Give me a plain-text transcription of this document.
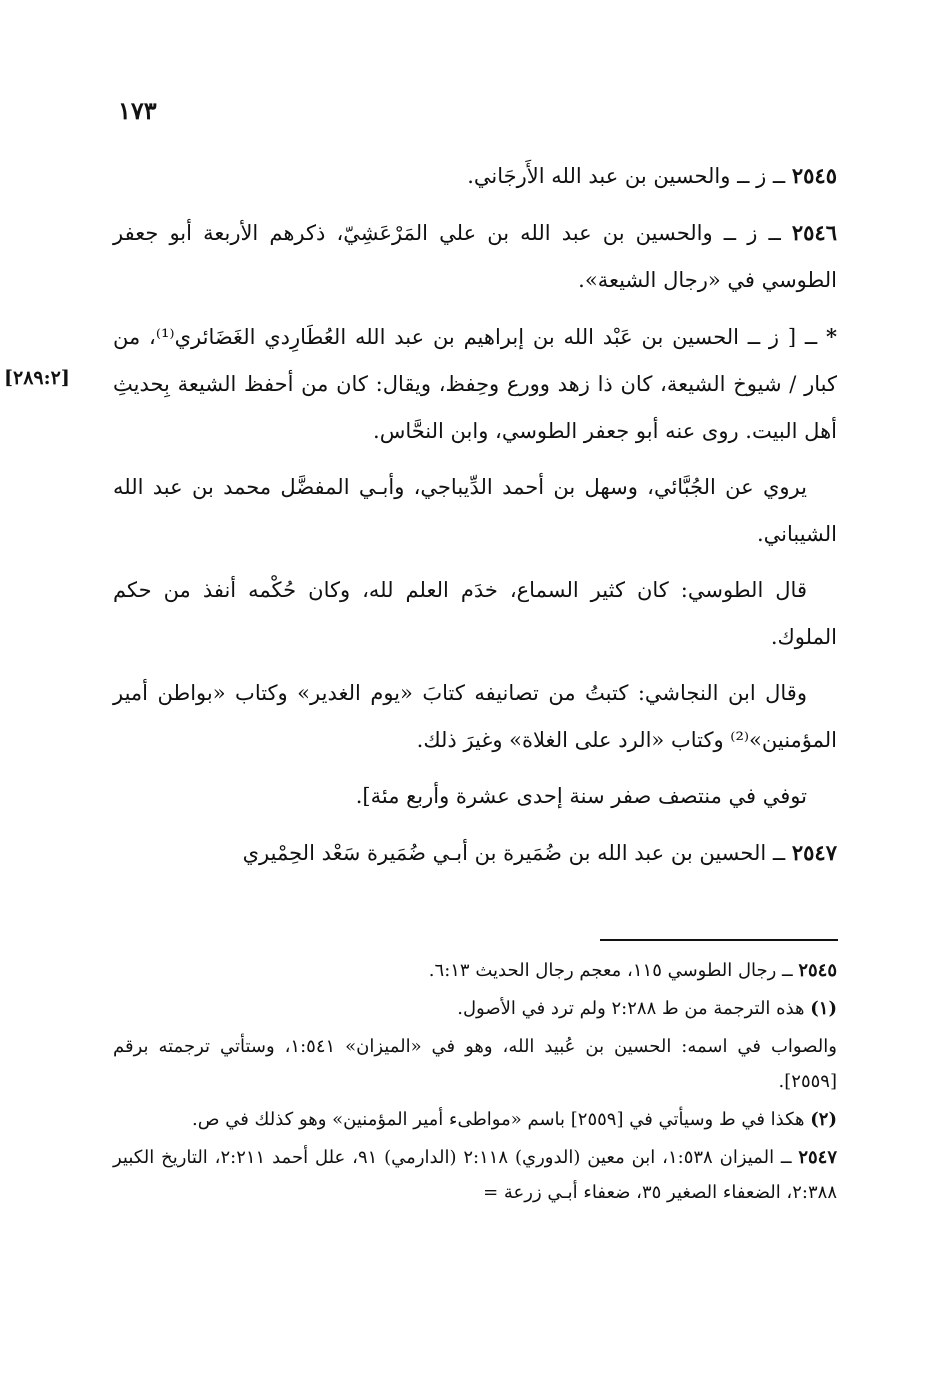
١٧٣
[٢٨٩:٢]

٢٥٤٥ ــ ز ــ والحسين بن عبد الله الأَرجَاني.

٢٥٤٦ ــ ز ــ والحسين بن عبد الله بن علي المَرْعَشِيّ، ذكرهم الأربعة أبو جعفر الطوسي في «رجال الشيعة».

* ــ [ ز ــ الحسين بن عَبْد الله بن إبراهيم بن عبد الله العُطَارِدي الغَضَائري⁽¹⁾، من كبار / شيوخ الشيعة، كان ذا زهد وورع وحِفظ، ويقال: كان من أحفظ الشيعة بِحديثِ أهل البيت. روى عنه أبو جعفر الطوسي، وابن النحَّاس.

يروي عن الجُبَّائي، وسهل بن أحمد الدِّيباجي، وأبـي المفضَّل محمد بن عبد الله الشيباني.

قال الطوسي: كان كثير السماع، خدَم العلم لله، وكان حُكْمه أنفذ من حكم الملوك.

وقال ابن النجاشي: كتبتُ من تصانيفه كتابَ «يوم الغدير» وكتاب «بواطن أمير المؤمنين»⁽²⁾ وكتاب «الرد على الغلاة» وغيرَ ذلك.

توفي في منتصف صفر سنة إحدى عشرة وأربع مئة].

٢٥٤٧ ــ الحسين بن عبد الله بن ضُمَيرة بن أبـي ضُمَيرة سَعْد الحِمْيري

٢٥٤٥ ــ رجال الطوسي ١١٥، معجم رجال الحديث ٦:١٣.

(١) هذه الترجمة من ط ٢:٢٨٨ ولم ترد في الأصول.

والصواب في اسمه: الحسين بن عُبيد الله، وهو في «الميزان» ١:٥٤١، وستأتي ترجمته برقم [٢٥٥٩].

(٢) هكذا في ط وسيأتي في [٢٥٥٩] باسم «مواطىء أمير المؤمنين» وهو كذلك في ص.

٢٥٤٧ ــ الميزان ١:٥٣٨، ابن معين (الدوري) ٢:١١٨ (الدارمي) ٩١، علل أحمد ٢:٢١١، التاريخ الكبير ٢:٣٨٨، الضعفاء الصغير ٣٥، ضعفاء أبـي زرعة =
